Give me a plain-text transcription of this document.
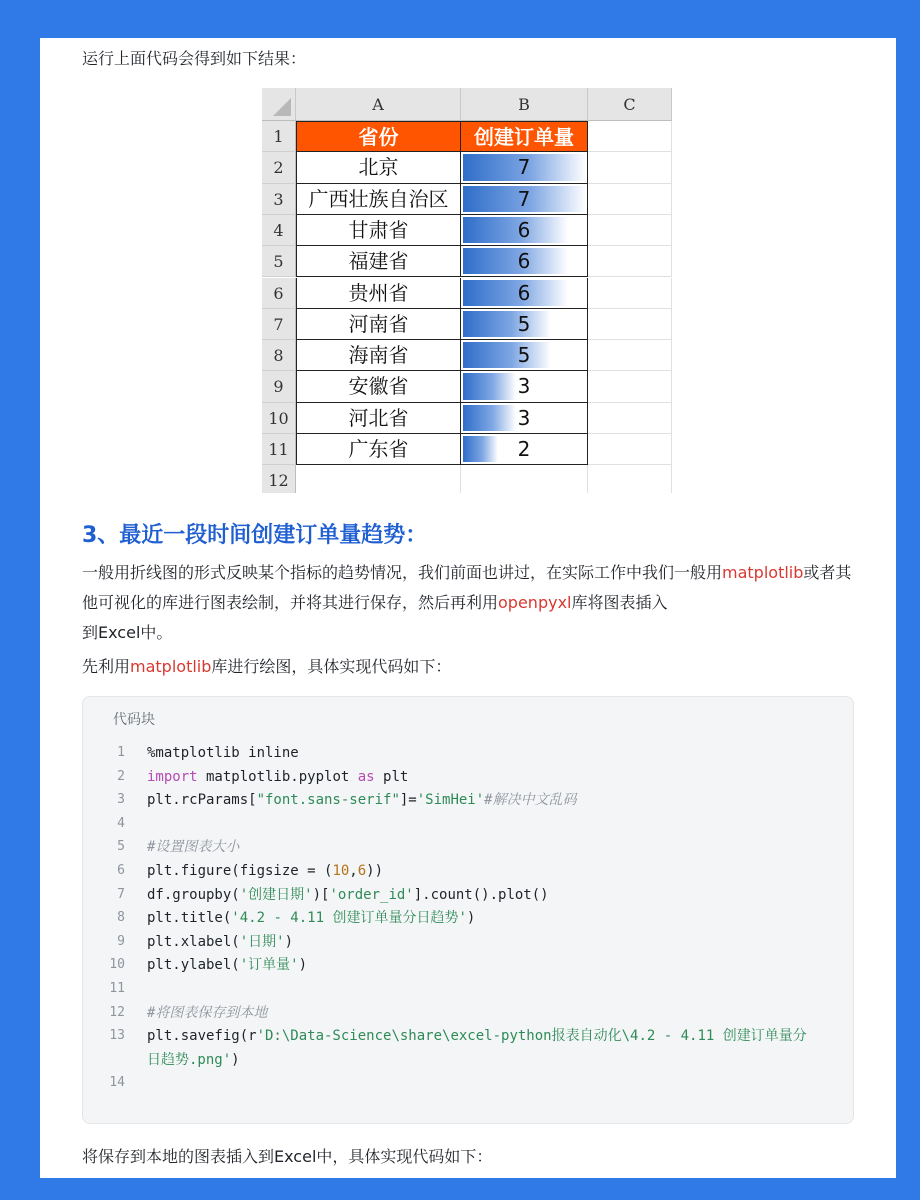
运行上面代码会得到如下结果：
A	B	C
1	省份	创建订单量
2	北京	7
3	广西壮族自治区	7
4	甘肃省	6
5	福建省	6
6	贵州省	6
7	河南省	5
8	海南省	5
9	安徽省	3
10	河北省	3
11	广东省	2
12
3、最近一段时间创建订单量趋势：
一般用折线图的形式反映某个指标的趋势情况，我们前面也讲过，在实际工作中我们一般用matplotlib或者其他可视化的库进行图表绘制，并将其进行保存，然后再利用openpyxl库将图表插入
到Excel中。
先利用matplotlib库进行绘图，具体实现代码如下：
代码块
1 %matplotlib inline
2 import matplotlib.pyplot as plt
3 plt.rcParams["font.sans-serif"]='SimHei'#解决中文乱码
4
5 #设置图表大小
6 plt.figure(figsize = (10,6))
7 df.groupby('创建日期')['order_id'].count().plot()
8 plt.title('4.2 - 4.11 创建订单量分日趋势')
9 plt.xlabel('日期')
10 plt.ylabel('订单量')
11
12 #将图表保存到本地
13 plt.savefig(r'D:\Data-Science\share\excel-python报表自动化\4.2 - 4.11 创建订单量分
日趋势.png')
14
将保存到本地的图表插入到Excel中，具体实现代码如下：
